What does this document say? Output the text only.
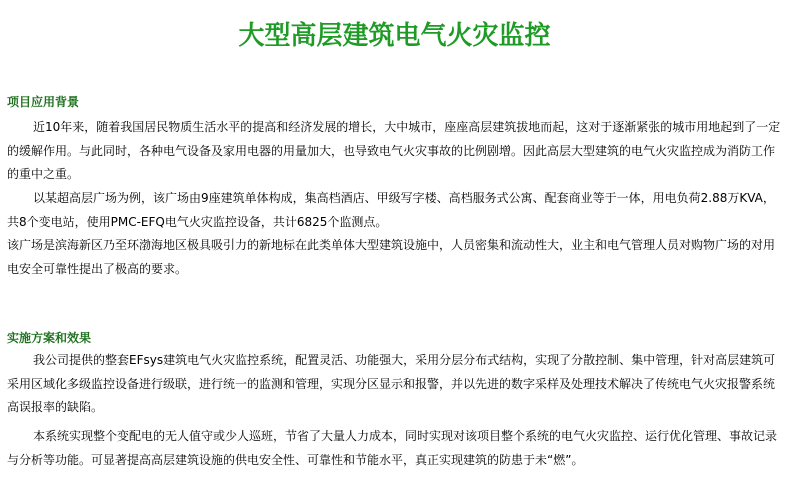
大型高层建筑电气火灾监控
项目应用背景

近10年来，随着我国居民物质生活水平的提高和经济发展的增长，大中城市，座座高层建筑拔地而起，这对于逐渐紧张的城市用地起到了一定的缓解作用。与此同时，各种电气设备及家用电器的用量加大，也导致电气火灾事故的比例剧增。因此高层大型建筑的电气火灾监控成为消防工作的重中之重。

以某超高层广场为例，该广场由9座建筑单体构成，集高档酒店、甲级写字楼、高档服务式公寓、配套商业等于一体，用电负荷2.88万KVA，共8个变电站，使用PMC-EFQ电气火灾监控设备，共计6825个监测点。

该广场是滨海新区乃至环渤海地区极具吸引力的新地标在此类单体大型建筑设施中，人员密集和流动性大，业主和电气管理人员对购物广场的对用电安全可靠性提出了极高的要求。

实施方案和效果

我公司提供的整套EFsys建筑电气火灾监控系统，配置灵活、功能强大，采用分层分布式结构，实现了分散控制、集中管理，针对高层建筑可采用区域化多级监控设备进行级联，进行统一的监测和管理，实现分区显示和报警，并以先进的数字采样及处理技术解决了传统电气火灾报警系统高误报率的缺陷。

本系统实现整个变配电的无人值守或少人巡班，节省了大量人力成本，同时实现对该项目整个系统的电气火灾监控、运行优化管理、事故记录与分析等功能。可显著提高高层建筑设施的供电安全性、可靠性和节能水平，真正实现建筑的防患于未“燃”。
